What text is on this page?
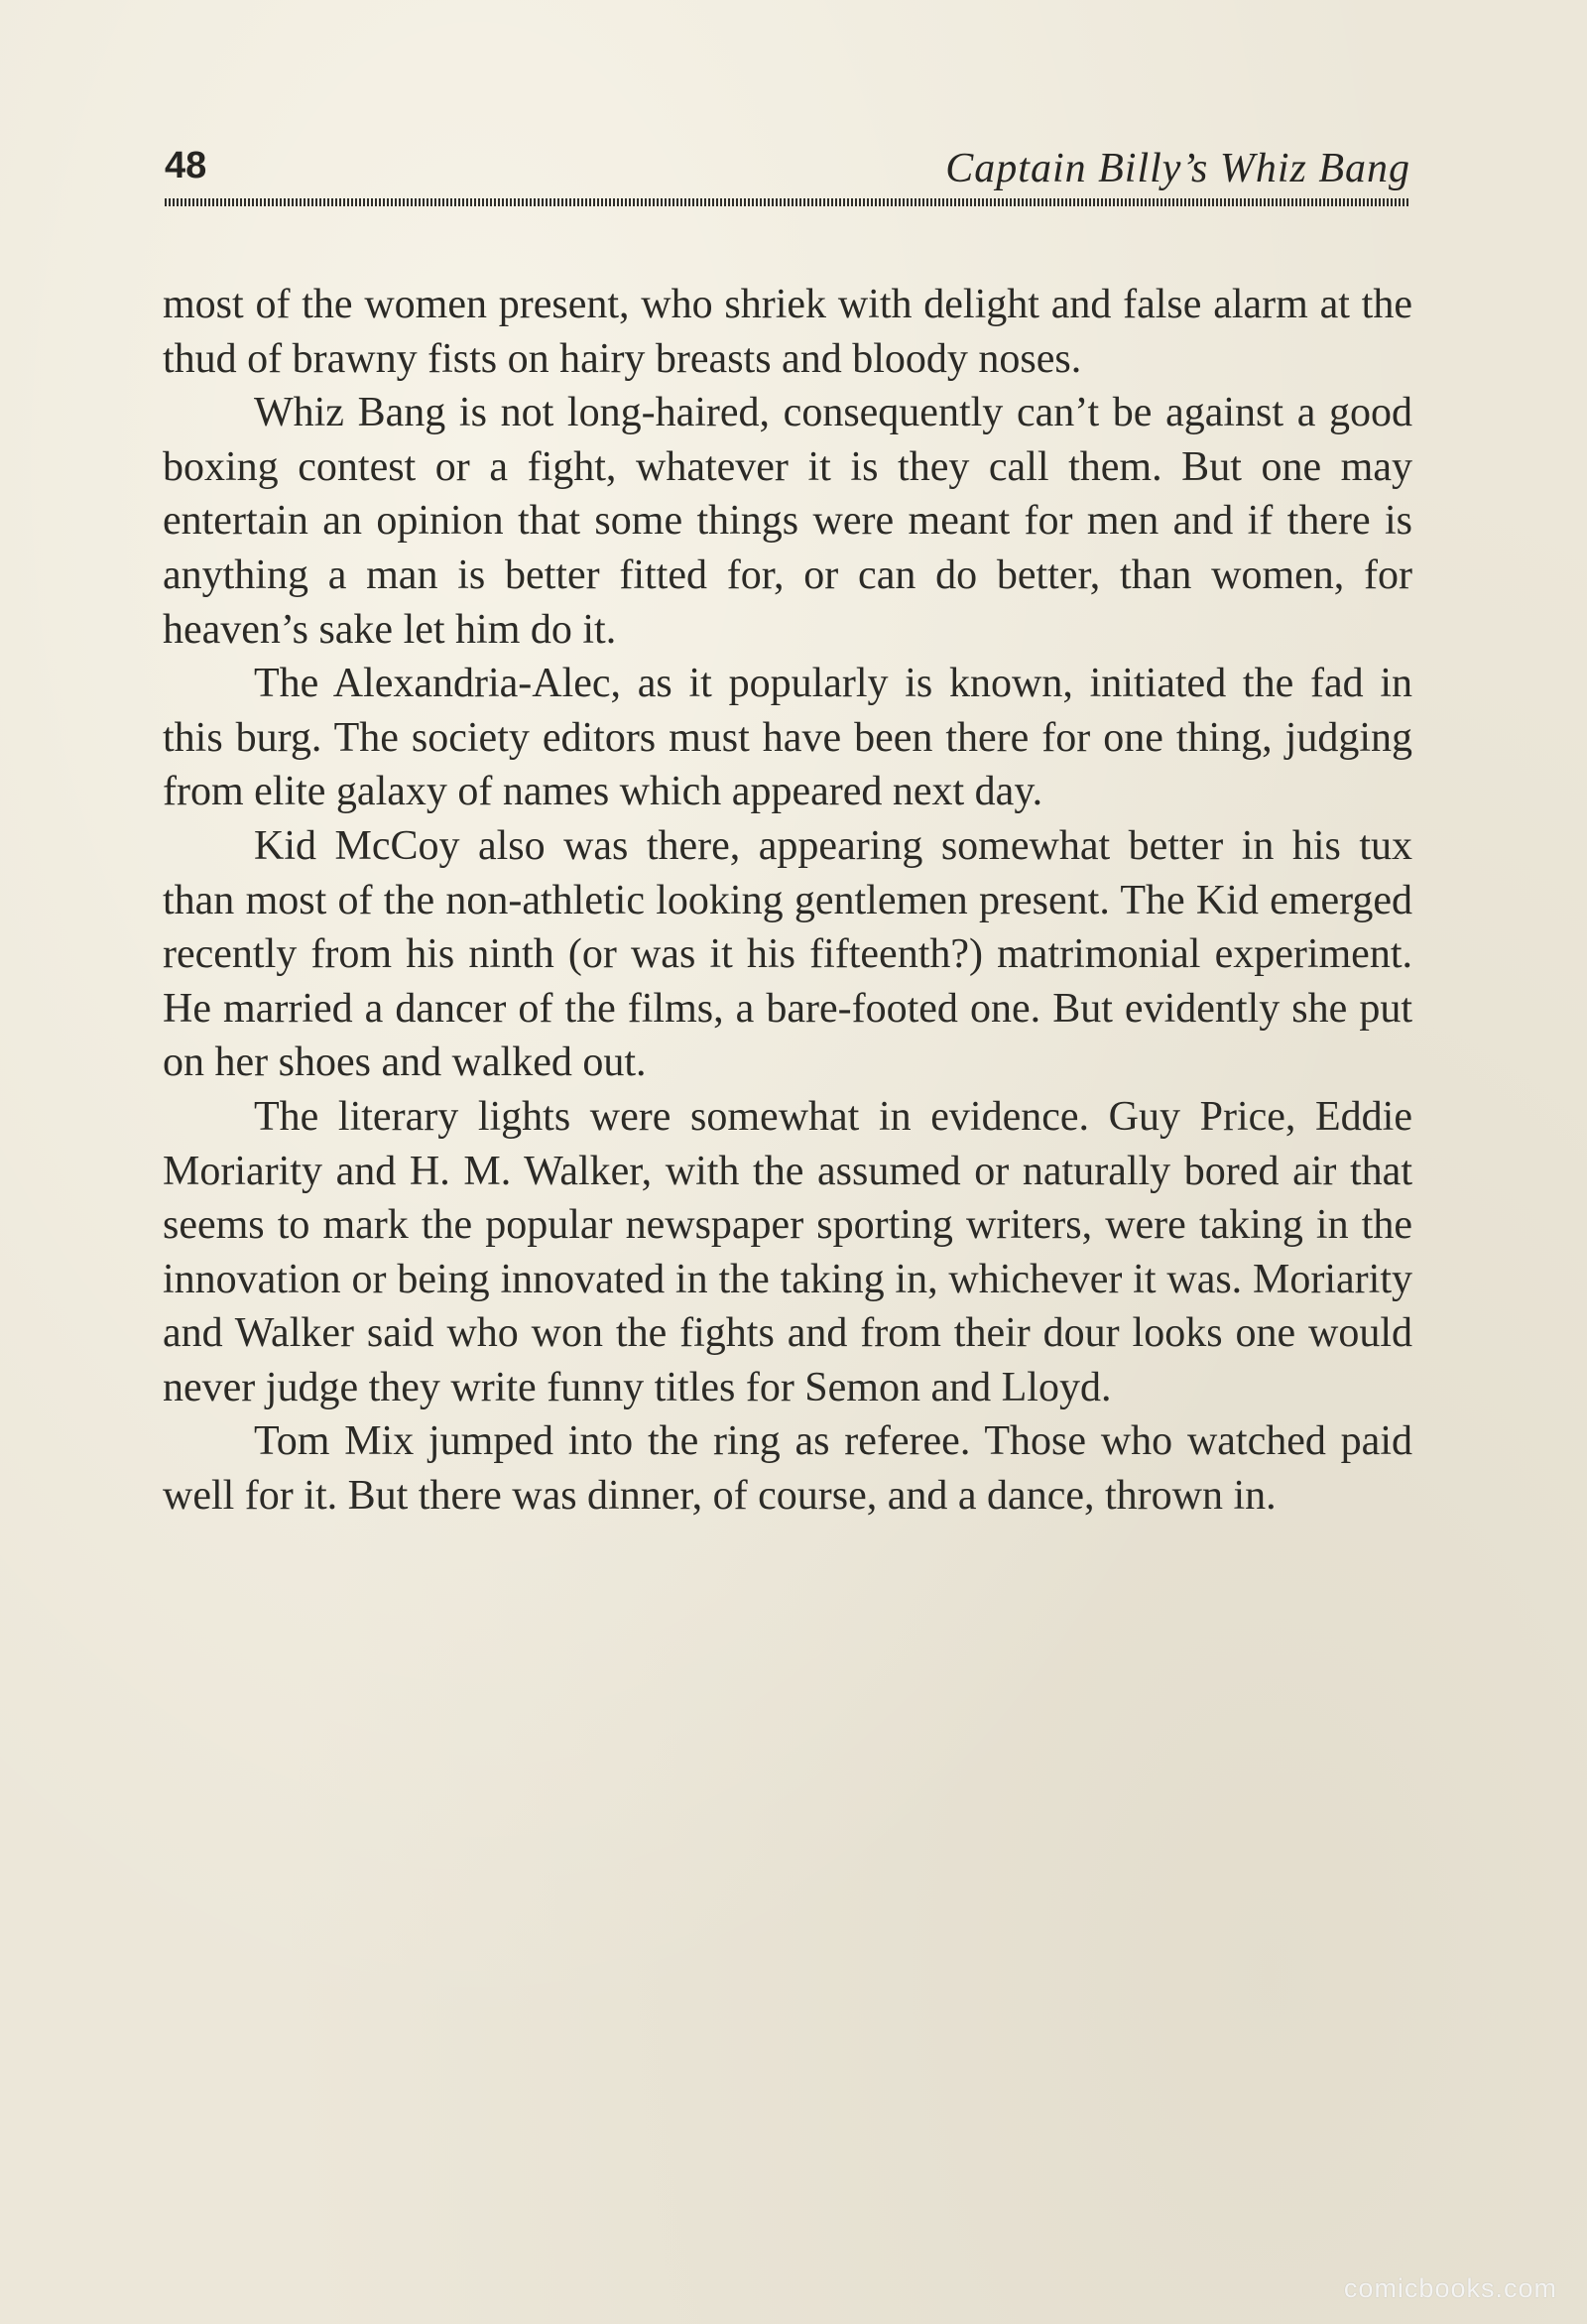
48	Captain Billy’s Whiz Bang

most of the women present, who shriek with delight and false alarm at the thud of brawny fists on hairy breasts and bloody noses.

Whiz Bang is not long-haired, consequently can’t be against a good boxing contest or a fight, whatever it is they call them. But one may entertain an opinion that some things were meant for men and if there is anything a man is better fitted for, or can do better, than women, for heaven’s sake let him do it.

The Alexandria-Alec, as it popularly is known, initiated the fad in this burg. The society editors must have been there for one thing, judging from elite galaxy of names which appeared next day.

Kid McCoy also was there, appearing somewhat better in his tux than most of the non-athletic looking gentlemen present. The Kid emerged recently from his ninth (or was it his fifteenth?) matrimonial experiment. He married a dancer of the films, a bare-footed one. But evidently she put on her shoes and walked out.

The literary lights were somewhat in evidence. Guy Price, Eddie Moriarity and H. M. Walker, with the assumed or naturally bored air that seems to mark the popular newspaper sporting writers, were taking in the innovation or being innovated in the taking in, whichever it was. Moriarity and Walker said who won the fights and from their dour looks one would never judge they write funny titles for Semon and Lloyd.

Tom Mix jumped into the ring as referee. Those who watched paid well for it. But there was dinner, of course, and a dance, thrown in.

comicbooks.com
